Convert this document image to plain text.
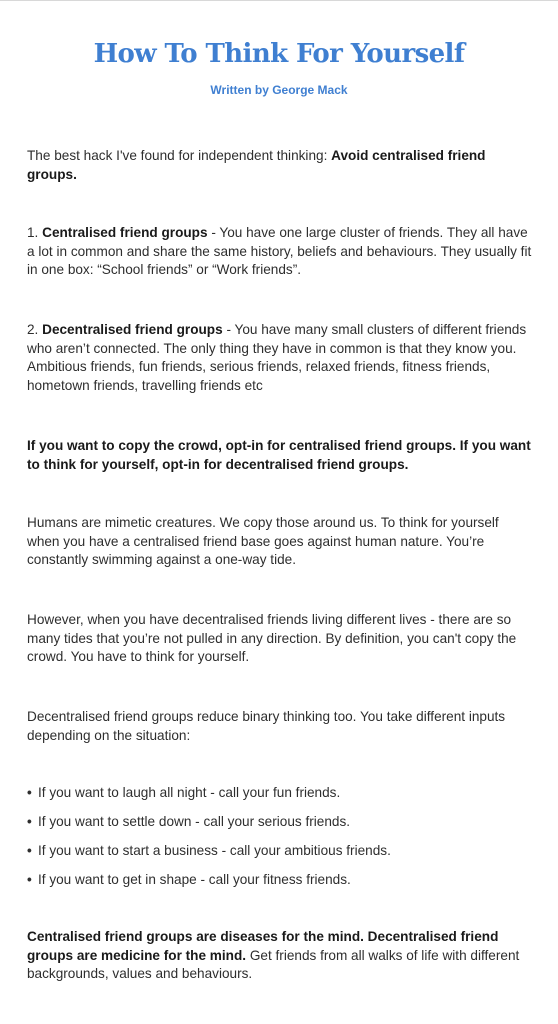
How To Think For Yourself
Written by George Mack
The best hack I've found for independent thinking: Avoid centralised friend groups.
1. Centralised friend groups - You have one large cluster of friends. They all have a lot in common and share the same history, beliefs and behaviours. They usually fit in one box: “School friends” or “Work friends”.
2. Decentralised friend groups - You have many small clusters of different friends who aren’t connected. The only thing they have in common is that they know you. Ambitious friends, fun friends, serious friends, relaxed friends, fitness friends, hometown friends, travelling friends etc
If you want to copy the crowd, opt-in for centralised friend groups. If you want to think for yourself, opt-in for decentralised friend groups.
Humans are mimetic creatures. We copy those around us. To think for yourself when you have a centralised friend base goes against human nature. You’re constantly swimming against a one-way tide.
However, when you have decentralised friends living different lives - there are so many tides that you’re not pulled in any direction. By definition, you can't copy the crowd. You have to think for yourself.
Decentralised friend groups reduce binary thinking too. You take different inputs depending on the situation:
• If you want to laugh all night - call your fun friends.
• If you want to settle down - call your serious friends.
• If you want to start a business - call your ambitious friends.
• If you want to get in shape - call your fitness friends.
Centralised friend groups are diseases for the mind. Decentralised friend groups are medicine for the mind. Get friends from all walks of life with different backgrounds, values and behaviours.
